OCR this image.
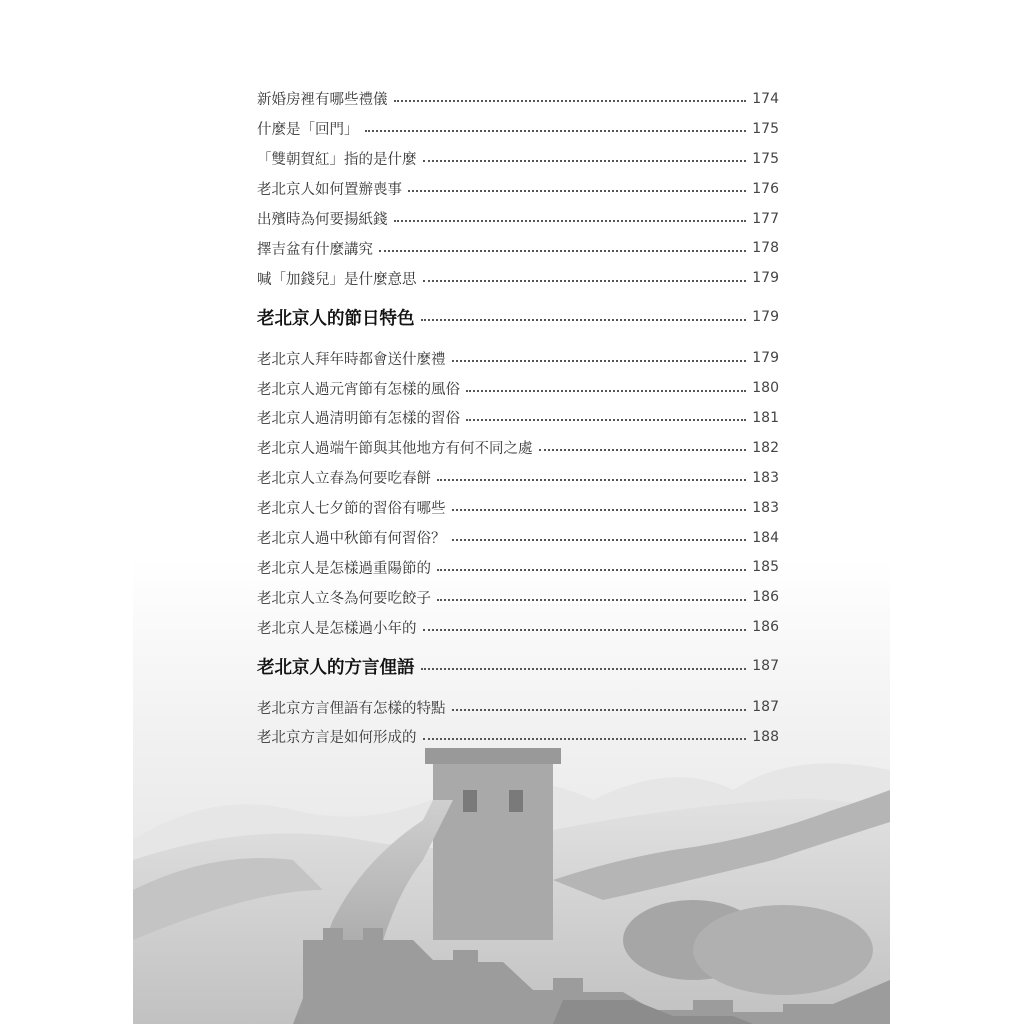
新婚房裡有哪些禮儀	174
什麼是「回門」	175
「雙朝賀紅」指的是什麼	175
老北京人如何置辦喪事	176
出殯時為何要揚紙錢	177
擇吉盆有什麼講究	178
喊「加錢兒」是什麼意思	179
老北京人的節日特色	179
老北京人拜年時都會送什麼禮	179
老北京人過元宵節有怎樣的風俗	180
老北京人過清明節有怎樣的習俗	181
老北京人過端午節與其他地方有何不同之處	182
老北京人立春為何要吃春餅	183
老北京人七夕節的習俗有哪些	183
老北京人過中秋節有何習俗？	184
老北京人是怎樣過重陽節的	185
老北京人立冬為何要吃餃子	186
老北京人是怎樣過小年的	186
老北京人的方言俚語	187
老北京方言俚語有怎樣的特點	187
老北京方言是如何形成的	188
